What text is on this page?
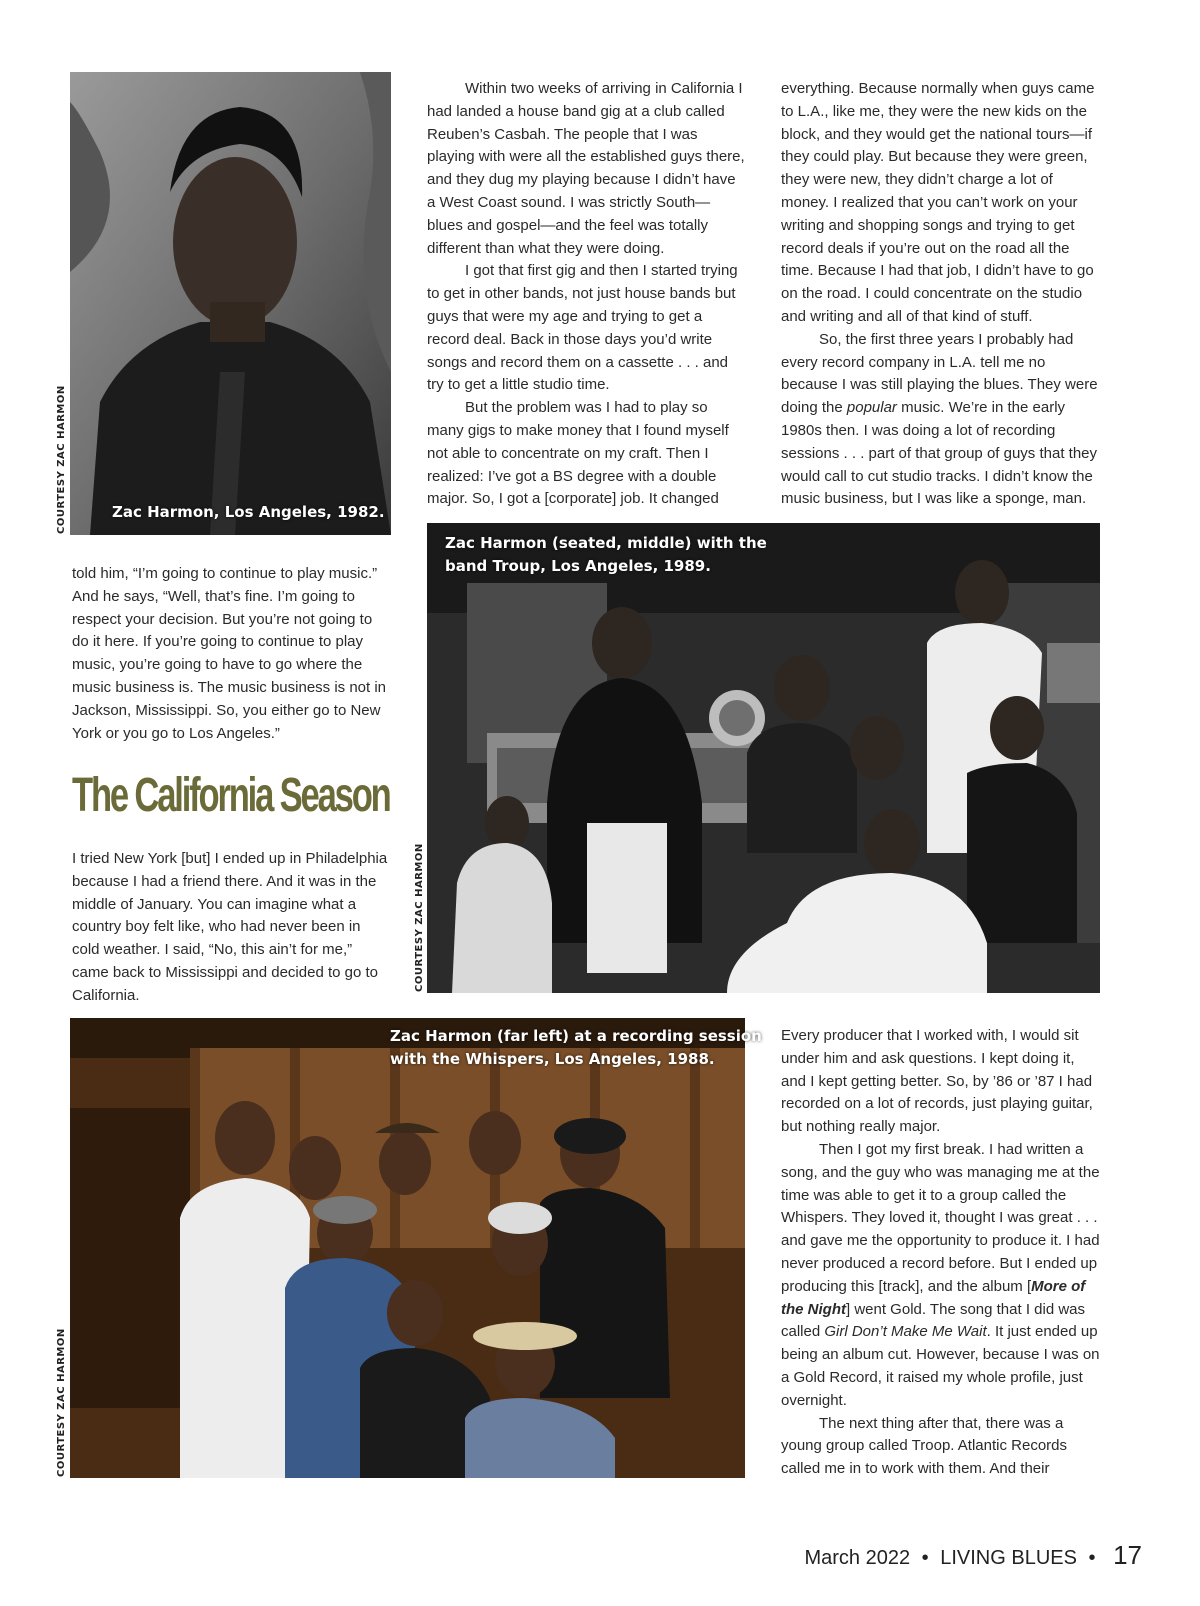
Zac Harmon, Los Angeles, 1982.
COURTESY ZAC HARMON

Within two weeks of arriving in California I had landed a house band gig at a club called Reuben’s Casbah. The people that I was playing with were all the established guys there, and they dug my playing because I didn’t have a West Coast sound. I was strictly South—blues and gospel—and the feel was totally different than what they were doing.

I got that first gig and then I started trying to get in other bands, not just house bands but guys that were my age and trying to get a record deal. Back in those days you’d write songs and record them on a cassette . . . and try to get a little studio time.

But the problem was I had to play so many gigs to make money that I found myself not able to concentrate on my craft. Then I realized: I’ve got a BS degree with a double major. So, I got a [corporate] job. It changed

everything. Because normally when guys came to L.A., like me, they were the new kids on the block, and they would get the national tours—if they could play. But because they were green, they were new, they didn’t charge a lot of money. I realized that you can’t work on your writing and shopping songs and trying to get record deals if you’re out on the road all the time. Because I had that job, I didn’t have to go on the road. I could concentrate on the studio and writing and all of that kind of stuff.

So, the first three years I probably had every record company in L.A. tell me no because I was still playing the blues. They were doing the popular music. We’re in the early 1980s then. I was doing a lot of recording sessions . . . part of that group of guys that they would call to cut studio tracks. I didn’t know the music business, but I was like a sponge, man.

Zac Harmon (seated, middle) with the
band Troup, Los Angeles, 1989.
COURTESY ZAC HARMON

told him, “I’m going to continue to play music.” And he says, “Well, that’s fine. I’m going to respect your decision. But you’re not going to do it here. If you’re going to continue to play music, you’re going to have to go where the music business is. The music business is not in Jackson, Mississippi. So, you either go to New York or you go to Los Angeles.”

The California Season

I tried New York [but] I ended up in Philadelphia because I had a friend there. And it was in the middle of January. You can imagine what a country boy felt like, who had never been in cold weather. I said, “No, this ain’t for me,” came back to Mississippi and decided to go to California.

Zac Harmon (far left) at a recording session
with the Whispers, Los Angeles, 1988.
COURTESY ZAC HARMON

Every producer that I worked with, I would sit under him and ask questions. I kept doing it, and I kept getting better. So, by ’86 or ’87 I had recorded on a lot of records, just playing guitar, but nothing really major.

Then I got my first break. I had written a song, and the guy who was managing me at the time was able to get it to a group called the Whispers. They loved it, thought I was great . . . and gave me the opportunity to produce it. I had never produced a record before. But I ended up producing this [track], and the album [More of the Night] went Gold. The song that I did was called Girl Don’t Make Me Wait. It just ended up being an album cut. However, because I was on a Gold Record, it raised my whole profile, just overnight.

The next thing after that, there was a young group called Troop. Atlantic Records called me in to work with them. And their

March 2022 • LIVING BLUES • 17
